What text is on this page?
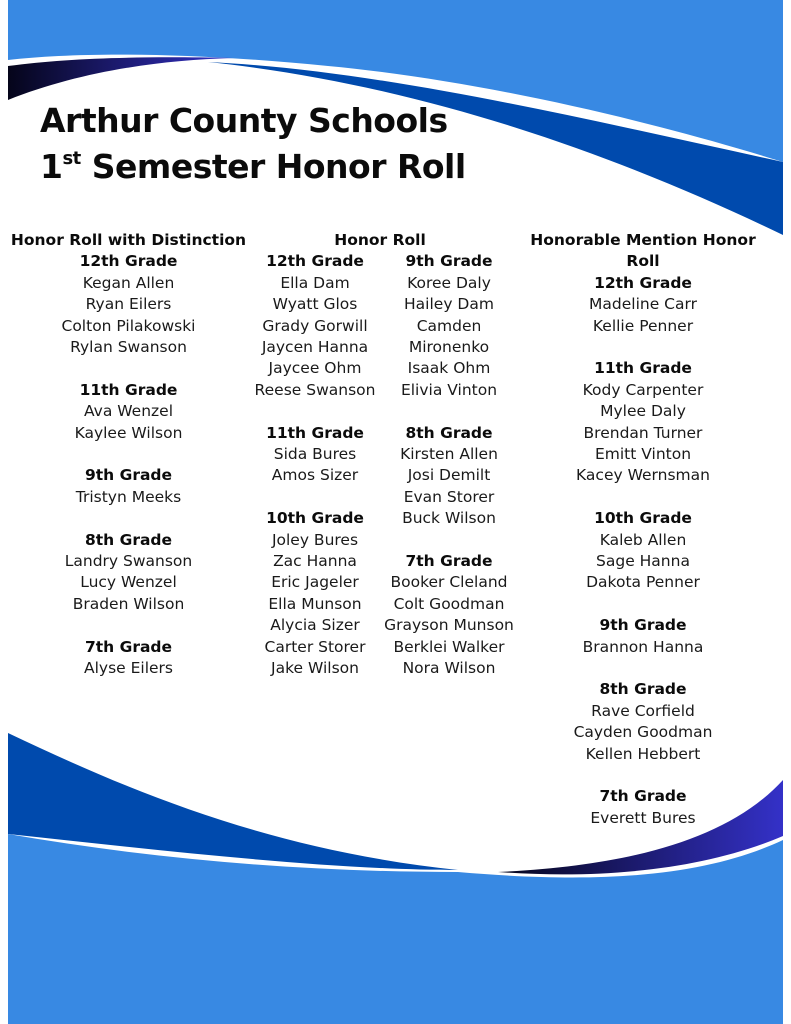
Arthur County Schools
1st Semester Honor Roll
Honor Roll with Distinction
12th Grade
Kegan Allen
Ryan Eilers
Colton Pilakowski
Rylan Swanson
11th Grade
Ava Wenzel
Kaylee Wilson
9th Grade
Tristyn Meeks
8th Grade
Landry Swanson
Lucy Wenzel
Braden Wilson
7th Grade
Alyse Eilers
Honor Roll
12th Grade
Ella Dam
Wyatt Glos
Grady Gorwill
Jaycen Hanna
Jaycee Ohm
Reese Swanson
11th Grade
Sida Bures
Amos Sizer
10th Grade
Joley Bures
Zac Hanna
Eric Jageler
Ella Munson
Alycia Sizer
Carter Storer
Jake Wilson
9th Grade
Koree Daly
Hailey Dam
Camden
Mironenko
Isaak Ohm
Elivia Vinton
8th Grade
Kirsten Allen
Josi Demilt
Evan Storer
Buck Wilson
7th Grade
Booker Cleland
Colt Goodman
Grayson Munson
Berklei Walker
Nora Wilson
Honorable Mention Honor Roll
12th Grade
Madeline Carr
Kellie Penner
11th Grade
Kody Carpenter
Mylee Daly
Brendan Turner
Emitt Vinton
Kacey Wernsman
10th Grade
Kaleb Allen
Sage Hanna
Dakota Penner
9th Grade
Brannon Hanna
8th Grade
Rave Corfield
Cayden Goodman
Kellen Hebbert
7th Grade
Everett Bures
